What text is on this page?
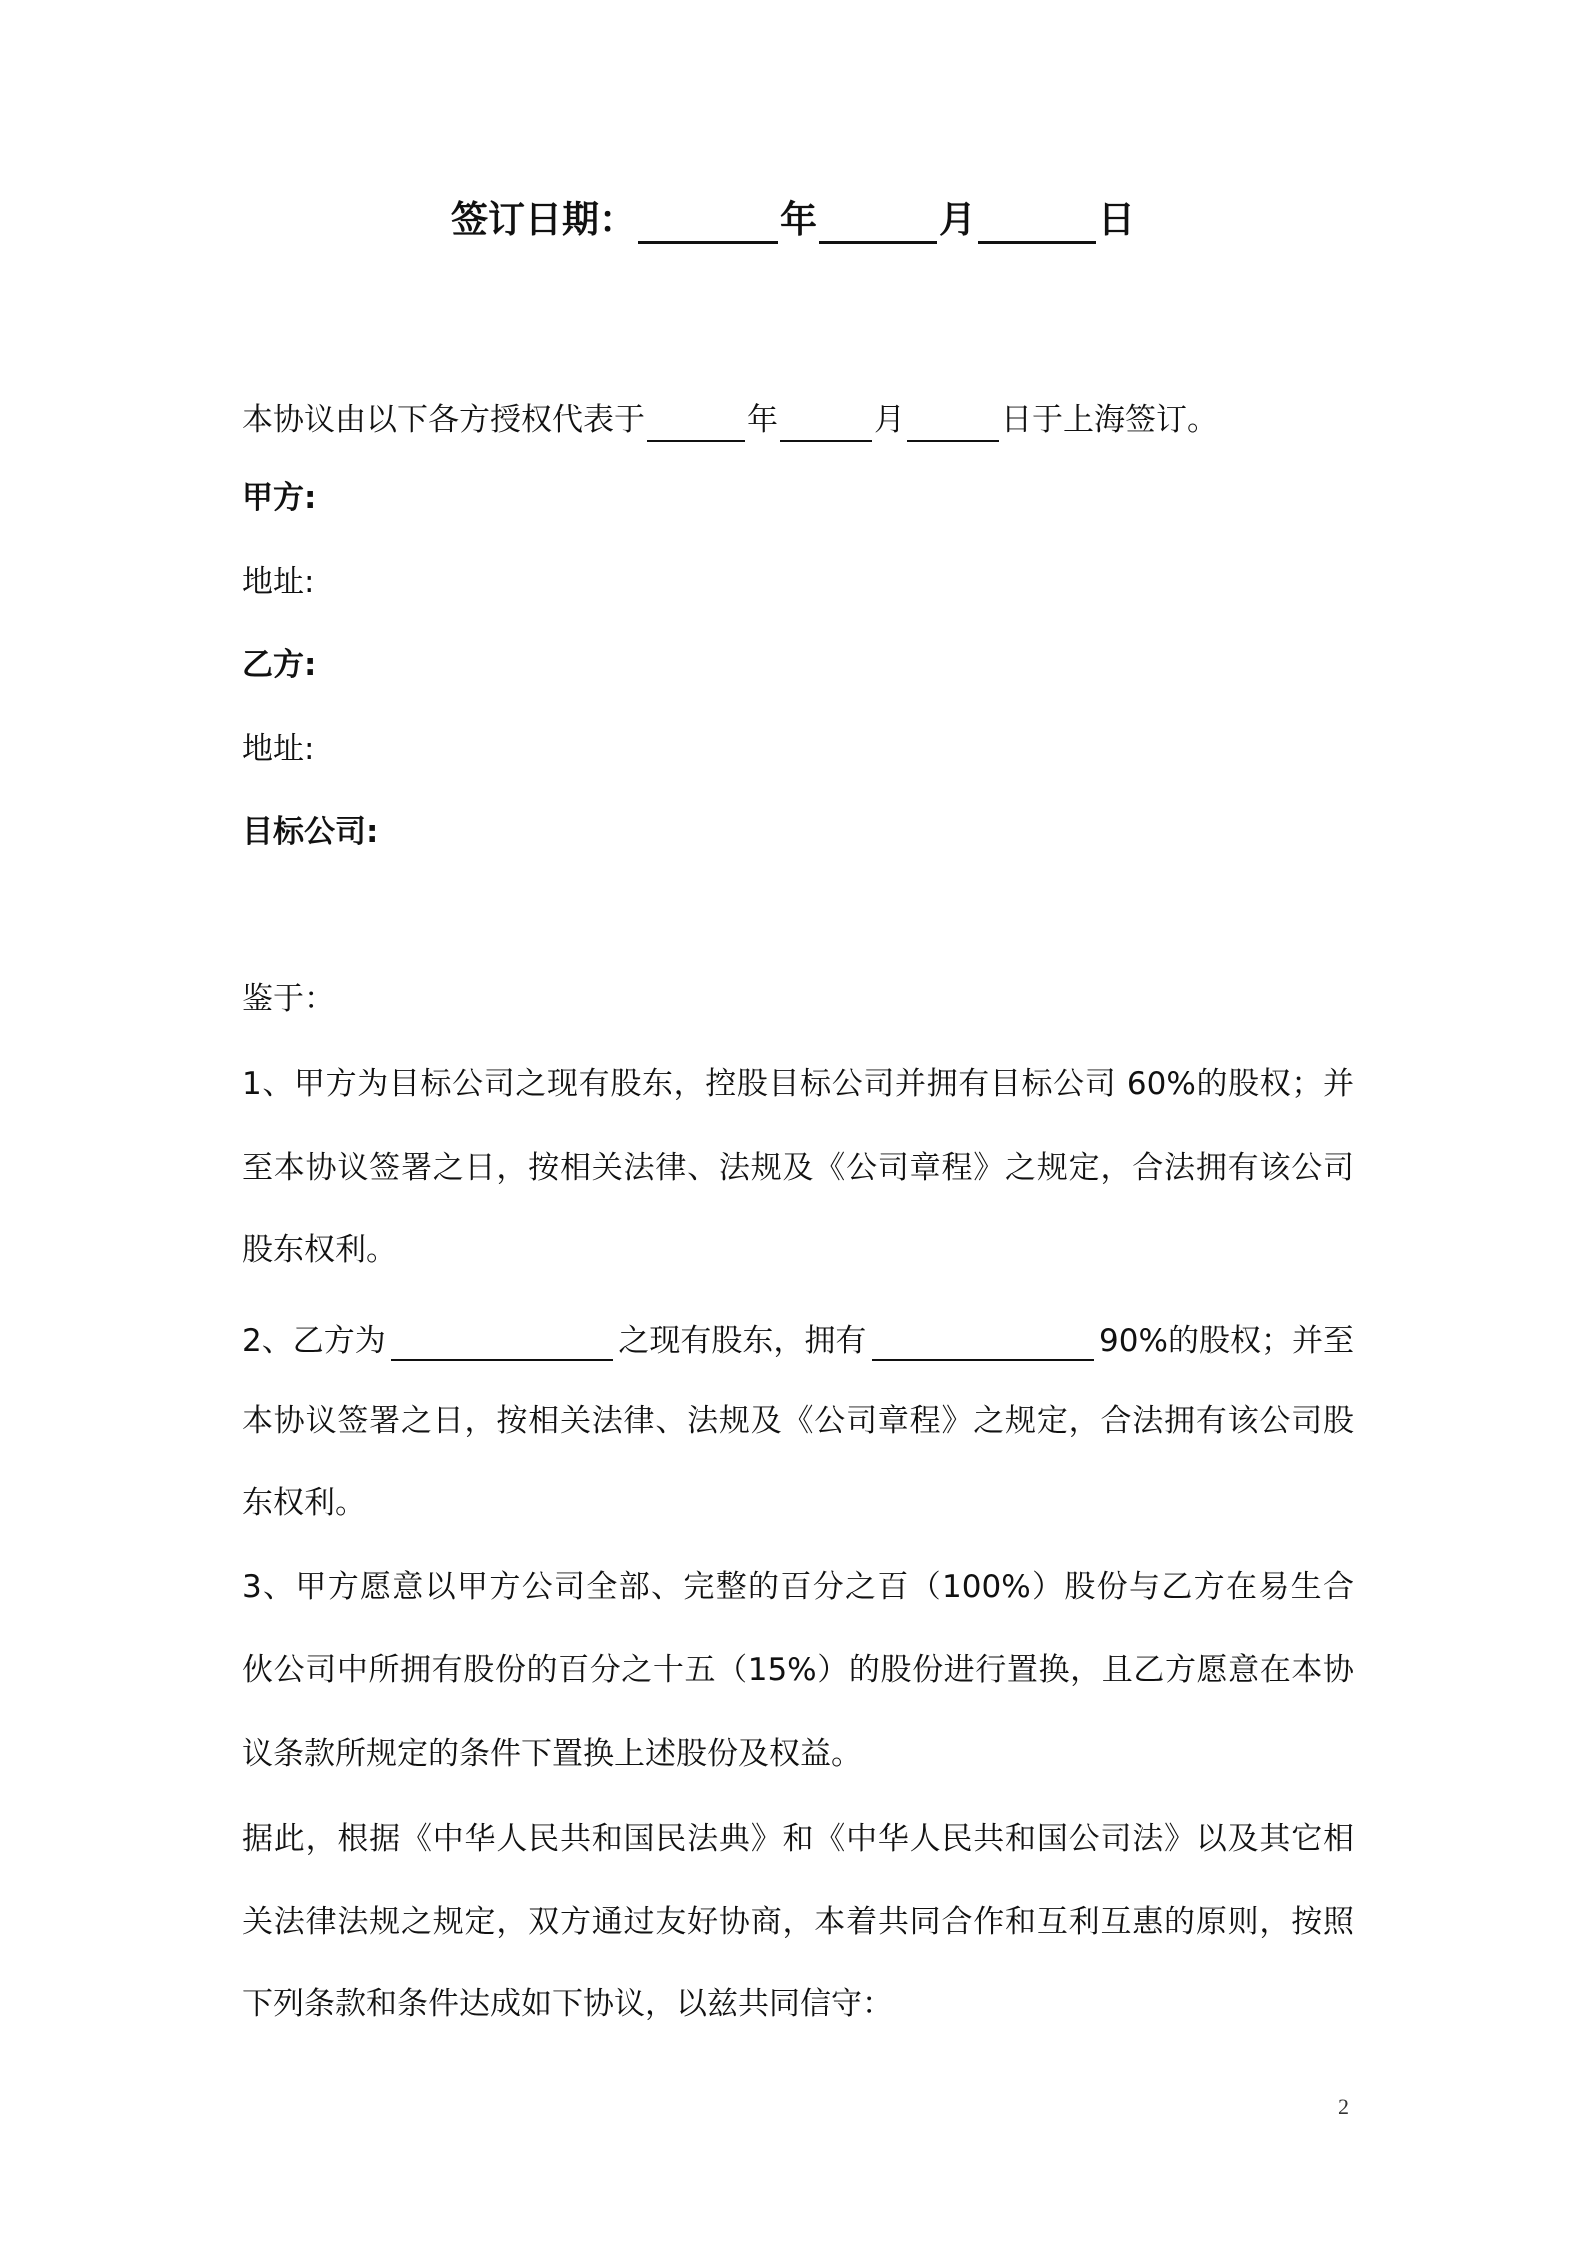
签订日期：	年	月	日
本协议由以下各方授权代表于	年	月	日于上海签订。
甲方:
地址:
乙方:
地址:
目标公司:
鉴于：
1、甲方为目标公司之现有股东，控股目标公司并拥有目标公司 60%的股权；并
至本协议签署之日，按相关法律、法规及《公司章程》之规定，合法拥有该公司
股东权利。
2、乙方为	之现有股东，拥有	90%的股权；并至
本协议签署之日，按相关法律、法规及《公司章程》之规定，合法拥有该公司股
东权利。
3、甲方愿意以甲方公司全部、完整的百分之百（100%）股份与乙方在易生合
伙公司中所拥有股份的百分之十五（15%）的股份进行置换，且乙方愿意在本协
议条款所规定的条件下置换上述股份及权益。
据此，根据《中华人民共和国民法典》和《中华人民共和国公司法》以及其它相
关法律法规之规定，双方通过友好协商，本着共同合作和互利互惠的原则，按照
下列条款和条件达成如下协议，以兹共同信守：
2
